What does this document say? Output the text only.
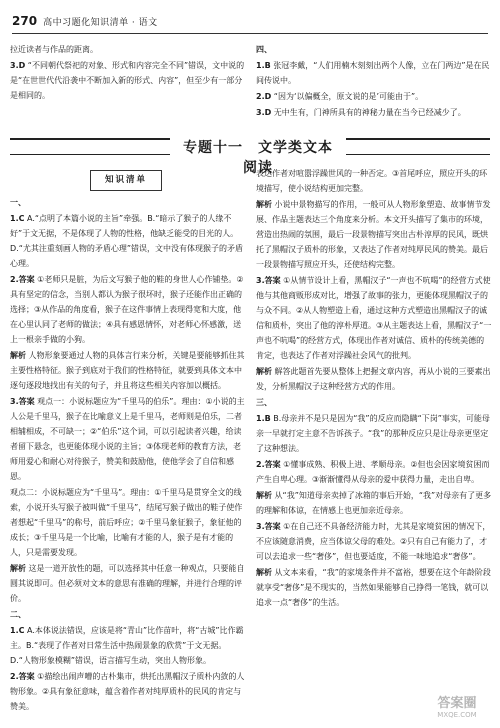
270 高中习题化知识清单 · 语文

拉近读者与作品的距离。

3.D “不同朝代祭祀的对象、形式和内容完全不同”错误，文中说的是“在世世代代沿袭中不断加入新的形式、内容”，但至少有一部分是相同的。

四、

1.B 张冠李戴，“人们用楠木刻刻出两个人像，立在门两边”是在民间传说中。

2.D “因为‘以偏概全，原文说的是’可能由于”。

3.D 无中生有，门神所具有的神秘力量在当今已经减少了。

专题十一　文学类文本阅读
知识清单

一、

1.C A.“点明了本篇小说的主旨”牵强。B.“暗示了猴子的人缘不好”于文无据，不是体现了人物的性格，他缺乏能受的目光的人。D.“尤其注重刻画人物的矛盾心理”错误，文中没有体现猴子的矛盾心理。

2.答案 ①老师只是脏，为后文写猴子他的鞋的身世人心作铺垫。②具有坚定的信念，当别人都认为猴子很坏时，猴子还能作出正确的选择；③从作品的角度看，猴子在这件事情上表现得宽和大度，他在心里认同了老师的做法；④具有感恩情怀，对老师心怀感激，送上一根亲手做的小狗。

解析 人物形象要通过人物的具体言行来分析，关键是要能够抓住其主要性格特征。猴子到底对于我们的性格特征，就要到具体文本中逐句逐段地找出有关的句子，并且将这些相关内容加以概括。

3.答案 观点一：小说标题应为“千里马的伯乐”。理由：①小说的主人公是千里马，猴子在比喻意义上是千里马，老师则是伯乐，二者相辅相成，不可缺一；②“伯乐”这个词，可以引起读者兴趣，给读者留下悬念，也更能体现小说的主旨；③体现老师的教育方法，老师用爱心和耐心对待猴子，赞美和鼓励他，使他学会了自信和感恩。

观点二：小说标题应为“千里马”。理由：①千里马是贯穿全文的线索，小说开头写猴子被叫做“千里马”，结尾写猴子做出的鞋子使作者想起“千里马”的称号，前后呼应；②千里马象征猴子，象征他的成长；③千里马是一个比喻，比喻有才能的人，猴子是有才能的人，只是需要发现。

解析 这是一道开放性的题，可以选择其中任意一种观点，只要能自圆其说即可。但必须对文本的意思有准确的理解，并进行合理的评价。

二、

1.C A.本体说法错误，应该是将“青山”比作苗叶，将“古城”比作霸主。B.“表现了作者对日常生活中热闹景象的欣赏”于文无据。D.“人物形象模糊”错误，语言描写生动，突出人物形象。

2.答案 ①描绘出闹声嘈的古朴集市，烘托出黑帽汉子质朴内敛的人物形象。②具有象征意味，蕴含着作者对纯厚质朴的民风的肯定与赞美。

表达作者对喧嚣浮躁世风的一种否定。③首尾呼应，照应开头的环境描写，使小说结构更加完整。

解析 小说中景物描写的作用，一般可从人物形象塑造、故事情节发展、作品主题表达三个角度来分析。本文开头描写了集市的环境，营造出热闹的氛围，最后一段景物描写突出古朴淳厚的民风，既烘托了黑帽汉子质朴的形象，又表达了作者对纯厚民风的赞美。最后一段景物描写照应开头，还使结构完整。

3.答案 ①从情节设计上看，黑帽汉子“一声也不吭喝”的经营方式使他与其他商贩形成对比，增强了故事的张力，更能体现黑帽汉子的与众不同。②从人物塑造上看，通过这种方式塑造出黑帽汉子的诚信和质朴，突出了他的淳朴厚道。③从主题表达上看，黑帽汉子“一声也不吭喝”的经营方式，体现出作者对诚信、质朴的传统美德的肯定，也表达了作者对浮躁社会风气的批判。

解析 解答此题首先要从整体上把握文章内容，再从小说的三要素出发，分析黑帽汉子这种经营方式的作用。

三、

1.B B.母亲并不是只是因为“我”的反应而隐瞒“下岗”事实，可能母亲一早就打定主意不告诉孩子。“我”的那种反应只是让母亲更坚定了这种想法。

2.答案 ①懂事成熟、积极上进、孝顺母亲。②但也会因家境贫困而产生自卑心理。③渐渐懂得从母亲的爱中获得力量，走出自卑。

解析 从“我”知道母亲卖掉了冰箱的事后开始，“我”对母亲有了更多的理解和体谅，在情感上也更加亲近母亲。

3.答案 ①在自己还不具备经济能力时，尤其是家境贫困的情况下，不应该随意消费，应当体谅父母的难处。②只有自己有能力了，才可以去追求一些“奢侈”，但也要适度，不能一味地追求“奢侈”。

解析 从文本来看，“我”的家境条件并不富裕，想要在这个年龄阶段就享受“奢侈”是不现实的，当然如果能够自己挣得一笔钱，就可以追求一点“奢侈”的生活。

答案圈
MXQE.COM
